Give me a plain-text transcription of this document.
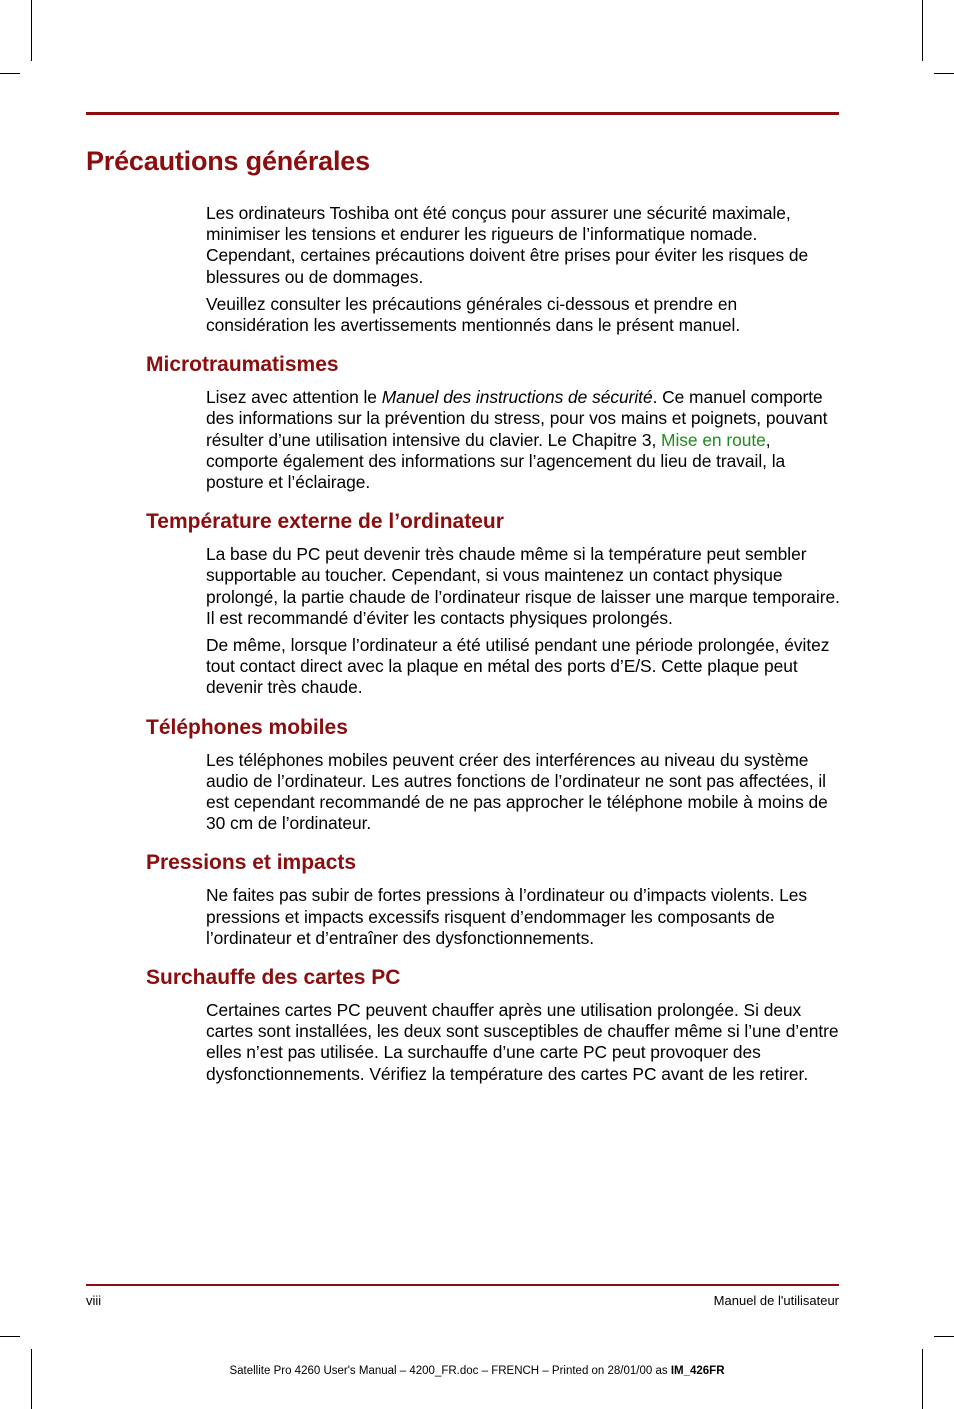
Précautions générales

Les ordinateurs Toshiba ont été conçus pour assurer une sécurité maximale, minimiser les tensions et endurer les rigueurs de l’informatique nomade. Cependant, certaines précautions doivent être prises pour éviter les risques de blessures ou de dommages.

Veuillez consulter les précautions générales ci-dessous et prendre en considération les avertissements mentionnés dans le présent manuel.

Microtraumatismes

Lisez avec attention le Manuel des instructions de sécurité. Ce manuel comporte des informations sur la prévention du stress, pour vos mains et poignets, pouvant résulter d’une utilisation intensive du clavier. Le Chapitre 3, Mise en route, comporte également des informations sur l’agencement du lieu de travail, la posture et l’éclairage.

Température externe de l’ordinateur

La base du PC peut devenir très chaude même si la température peut sembler supportable au toucher. Cependant, si vous maintenez un contact physique prolongé, la partie chaude de l’ordinateur risque de laisser une marque temporaire. Il est recommandé d’éviter les contacts physiques prolongés.

De même, lorsque l’ordinateur a été utilisé pendant une période prolongée, évitez tout contact direct avec la plaque en métal des ports d’E/S. Cette plaque peut devenir très chaude.

Téléphones mobiles

Les téléphones mobiles peuvent créer des interférences au niveau du système audio de l’ordinateur. Les autres fonctions de l’ordinateur ne sont pas affectées, il est cependant recommandé de ne pas approcher le téléphone mobile à moins de 30 cm de l’ordinateur.

Pressions et impacts

Ne faites pas subir de fortes pressions à l’ordinateur ou d’impacts violents. Les pressions et impacts excessifs risquent d’endommager les composants de l’ordinateur et d’entraîner des dysfonctionnements.

Surchauffe des cartes PC

Certaines cartes PC peuvent chauffer après une utilisation prolongée. Si deux cartes sont installées, les deux sont susceptibles de chauffer même si l’une d’entre elles n’est pas utilisée. La surchauffe d’une carte PC peut provoquer des dysfonctionnements. Vérifiez la température des cartes PC avant de les retirer.

viii	Manuel de l'utilisateur
Satellite Pro 4260 User's Manual – 4200_FR.doc – FRENCH – Printed on 28/01/00 as IM_426FR
